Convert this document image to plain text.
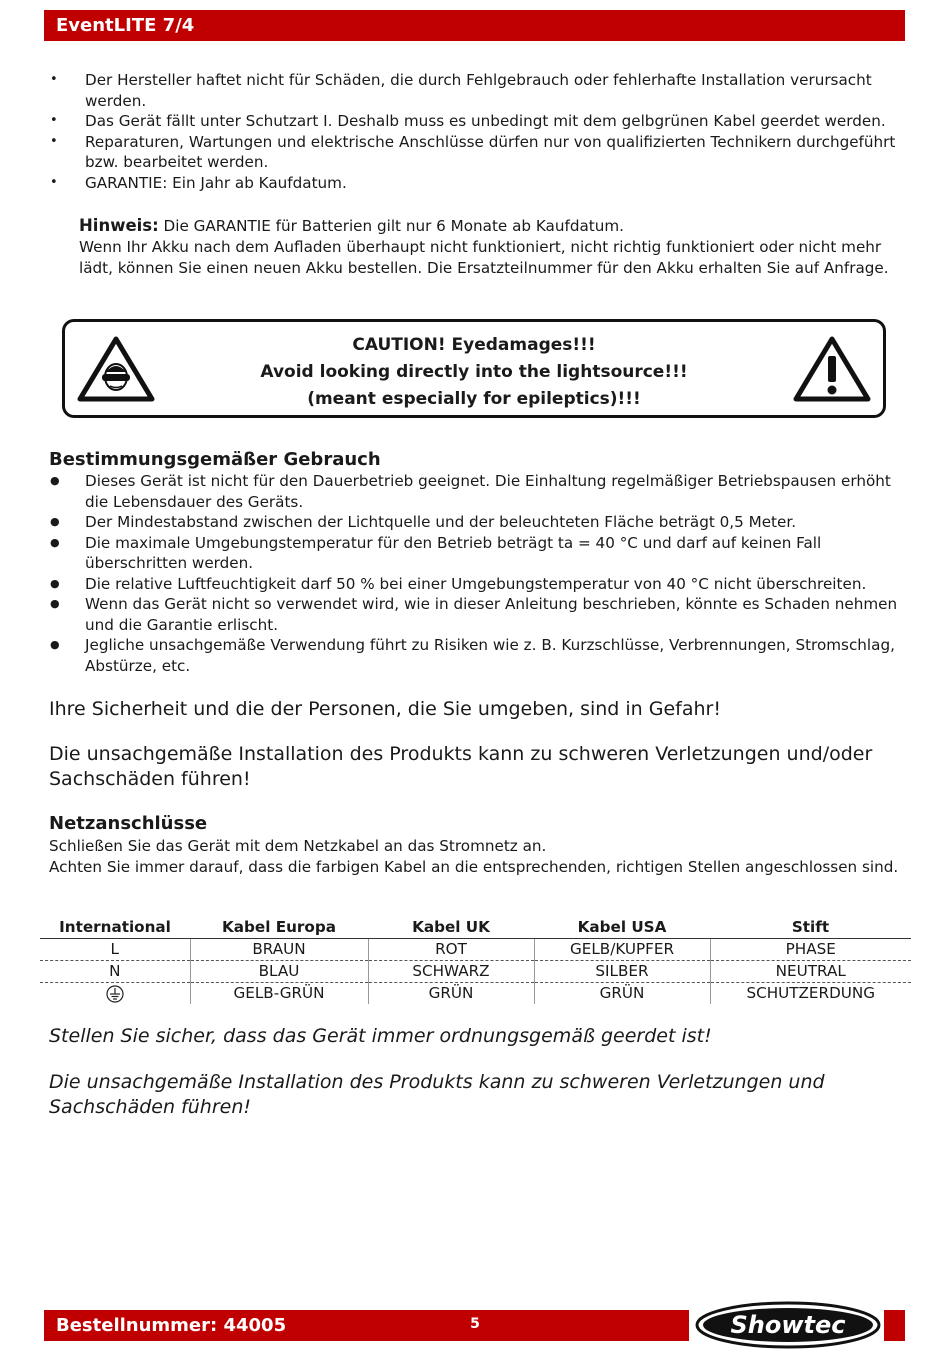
EventLITE 7/4
• Der Hersteller haftet nicht für Schäden, die durch Fehlgebrauch oder fehlerhafte Installation verursacht werden.
• Das Gerät fällt unter Schutzart I. Deshalb muss es unbedingt mit dem gelbgrünen Kabel geerdet werden.
• Reparaturen, Wartungen und elektrische Anschlüsse dürfen nur von qualifizierten Technikern durchgeführt bzw. bearbeitet werden.
• GARANTIE: Ein Jahr ab Kaufdatum.
Hinweis: Die GARANTIE für Batterien gilt nur 6 Monate ab Kaufdatum.
Wenn Ihr Akku nach dem Aufladen überhaupt nicht funktioniert, nicht richtig funktioniert oder nicht mehr lädt, können Sie einen neuen Akku bestellen. Die Ersatzteilnummer für den Akku erhalten Sie auf Anfrage.
CAUTION! Eyedamages!!!
Avoid looking directly into the lightsource!!!
(meant especially for epileptics)!!!
Bestimmungsgemäßer Gebrauch
● Dieses Gerät ist nicht für den Dauerbetrieb geeignet. Die Einhaltung regelmäßiger Betriebspausen erhöht die Lebensdauer des Geräts.
● Der Mindestabstand zwischen der Lichtquelle und der beleuchteten Fläche beträgt 0,5 Meter.
● Die maximale Umgebungstemperatur für den Betrieb beträgt ta = 40 °C und darf auf keinen Fall überschritten werden.
● Die relative Luftfeuchtigkeit darf 50 % bei einer Umgebungstemperatur von 40 °C nicht überschreiten.
● Wenn das Gerät nicht so verwendet wird, wie in dieser Anleitung beschrieben, könnte es Schaden nehmen und die Garantie erlischt.
● Jegliche unsachgemäße Verwendung führt zu Risiken wie z. B. Kurzschlüsse, Verbrennungen, Stromschlag, Abstürze, etc.
Ihre Sicherheit und die der Personen, die Sie umgeben, sind in Gefahr!
Die unsachgemäße Installation des Produkts kann zu schweren Verletzungen und/oder Sachschäden führen!
Netzanschlüsse
Schließen Sie das Gerät mit dem Netzkabel an das Stromnetz an.
Achten Sie immer darauf, dass die farbigen Kabel an die entsprechenden, richtigen Stellen angeschlossen sind.
International	Kabel Europa	Kabel UK	Kabel USA	Stift
L	BRAUN	ROT	GELB/KUPFER	PHASE
N	BLAU	SCHWARZ	SILBER	NEUTRAL
	GELB-GRÜN	GRÜN	GRÜN	SCHUTZERDUNG
Stellen Sie sicher, dass das Gerät immer ordnungsgemäß geerdet ist!
Die unsachgemäße Installation des Produkts kann zu schweren Verletzungen und Sachschäden führen!
Bestellnummer: 44005	5	Showtec
